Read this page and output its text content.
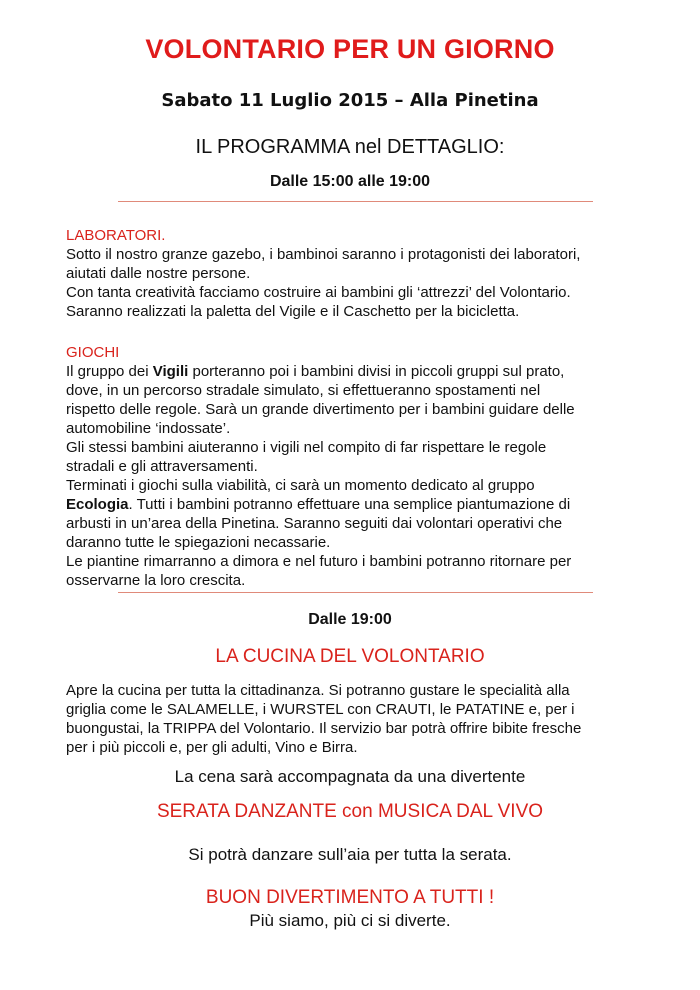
VOLONTARIO PER UN GIORNO
Sabato 11 Luglio 2015 – Alla Pinetina
IL PROGRAMMA nel DETTAGLIO:
Dalle 15:00 alle 19:00
LABORATORI.
Sotto il nostro granze gazebo, i bambinoi saranno i protagonisti dei laboratori,
aiutati dalle nostre persone.
Con tanta creatività facciamo costruire ai bambini gli ‘attrezzi’ del Volontario.
Saranno realizzati la paletta del Vigile e il Caschetto per la bicicletta.
GIOCHI
Il gruppo dei Vigili porteranno poi i bambini divisi in piccoli gruppi sul prato,
dove, in un percorso stradale simulato, si effettueranno spostamenti nel
rispetto delle regole. Sarà un grande divertimento per i bambini guidare delle
automobiline ‘indossate’.
Gli stessi bambini aiuteranno i vigili nel compito di far rispettare le regole
stradali e gli attraversamenti.
Terminati i giochi sulla viabilità, ci sarà un momento dedicato al gruppo
Ecologia. Tutti i bambini potranno effettuare una semplice piantumazione di
arbusti in un’area della Pinetina. Saranno seguiti dai volontari operativi che
daranno tutte le spiegazioni necassarie.
Le piantine rimarranno a dimora e nel futuro i bambini potranno ritornare per
osservarne la loro crescita.
Dalle 19:00
LA CUCINA DEL VOLONTARIO
Apre la cucina per tutta la cittadinanza. Si potranno gustare le specialità alla
griglia come le SALAMELLE, i WURSTEL con CRAUTI, le PATATINE e, per i
buongustai, la TRIPPA del Volontario. Il servizio bar potrà offrire bibite fresche
per i più piccoli e, per gli adulti, Vino e Birra.
La cena sarà accompagnata da una divertente
SERATA DANZANTE con MUSICA DAL VIVO
Si potrà danzare sull’aia per tutta la serata.
BUON DIVERTIMENTO A TUTTI !
Più siamo, più ci si diverte.
